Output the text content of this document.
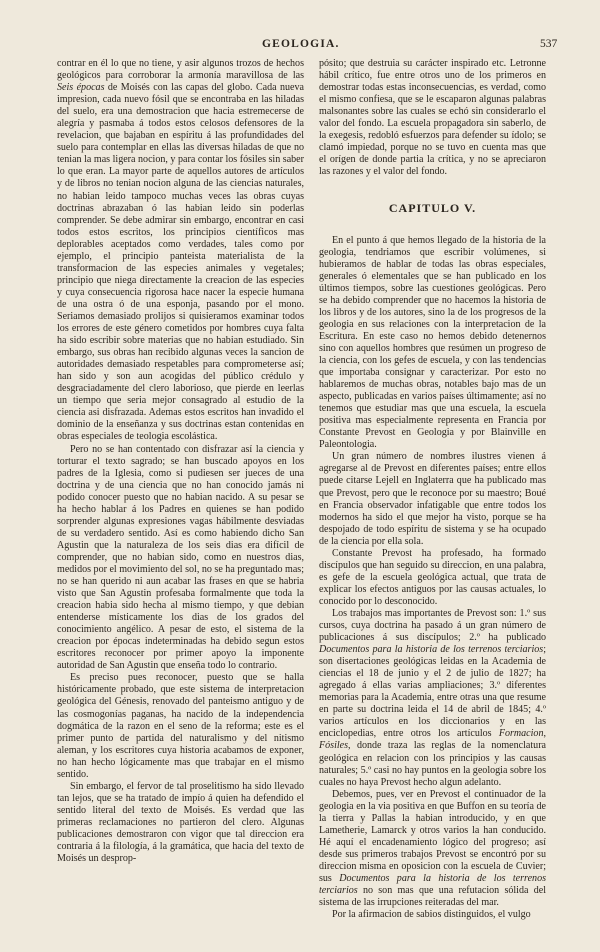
GEOLOGIA.	537

contrar en él lo que no tiene, y asir algunos trozos de hechos geológicos para corroborar la armonía maravillosa de las Seis épocas de Moisés con las capas del globo. Cada nueva impresion, cada nuevo fósil que se encontraba en las hiladas del suelo, era una demostracion que hacia estremecerse de alegría y pasmaba á todos estos celosos defensores de la revelacion, que bajaban en espíritu á las profundidades del suelo para contemplar en ellas las diversas hiladas de que no tenian la mas ligera nocion, y para contar los fósiles sin saber lo que eran. La mayor parte de aquellos autores de artículos y de libros no tenian nocion alguna de las ciencias naturales, no habian leido tampoco muchas veces las obras cuyas doctrinas abrazaban ó las habian leido sin poderlas comprender. Se debe admirar sin embargo, encontrar en casi todos estos escritos, los principios científicos mas deplorables aceptados como verdades, tales como por ejemplo, el principio panteista materialista de la transformacion de las especies animales y vegetales; principio que niega directamente la creacion de las especies y cuya consecuencia rigorosa hace nacer la especie humana de una ostra ó de una esponja, pasando por el mono. Seriamos demasiado prolijos si quisieramos examinar todos los errores de este género cometidos por hombres cuya falta ha sido escribir sobre materias que no habian estudiado. Sin embargo, sus obras han recibido algunas veces la sancion de autoridades demasiado respetables para comprometerse así; han sido y son aun acogidas del público crédulo y desgraciadamente del clero laborioso, que pierde en leerlas un tiempo que seria mejor consagrado al estudio de la ciencia asi disfrazada. Ademas estos escritos han invadido el dominio de la enseñanza y sus doctrinas estan contenidas en obras especiales de teologia escolástica.

Pero no se han contentado con disfrazar así la ciencia y torturar el texto sagrado; se han buscado apoyos en los padres de la Iglesia, como si pudiesen ser jueces de una doctrina y de una ciencia que no han conocido jamás ni podido conocer puesto que no habian nacido. A su pesar se ha hecho hablar á los Padres en quienes se han podido sorprender algunas expresiones vagas hábilmente desviadas de su verdadero sentido. Así es como habiendo dicho San Agustin que la naturaleza de los seis dias era difícil de comprender, que no habian sido, como en nuestros dias, medidos por el movimiento del sol, no se ha preguntado mas; no se han querido ni aun acabar las frases en que se habria visto que San Agustin profesaba formalmente que toda la creacion habia sido hecha al mismo tiempo, y que debian entenderse místicamente los dias de los grados del conocimiento angélico. A pesar de esto, el sistema de la creacion por épocas indeterminadas ha debido segun estos escritores reconocer por primer apoyo la imponente autoridad de San Agustin que enseña todo lo contrario.

Es preciso pues reconocer, puesto que se halla históricamente probado, que este sistema de interpretacion geológica del Génesis, renovado del panteismo antiguo y de las cosmogonías paganas, ha nacido de la independencia dogmática de la razon en el seno de la reforma; este es el primer punto de partida del naturalismo y del nitismo aleman, y los escritores cuya historia acabamos de exponer, no han hecho lógicamente mas que trabajar en el mismo sentido.

Sin embargo, el fervor de tal proselitismo ha sido llevado tan lejos, que se ha tratado de impío á quien ha defendido el sentido literal del texto de Moisés. Es verdad que las primeras reclamaciones no partieron del clero. Algunas publicaciones demostraron con vigor que tal direccion era contraria á la filología, á la gramática, que hacia del texto de Moisés un desprop-

pósito; que destruia su carácter inspirado etc. Letronne hábil crítico, fue entre otros uno de los primeros en demostrar todas estas inconsecuencias, es verdad, como el mismo confiesa, que se le escaparon algunas palabras malsonantes sobre las cuales se echó sin considerarlo el valor del fondo. La escuela propagadora sin saberlo, de la exegesis, redobló esfuerzos para defender su ídolo; se clamó impiedad, porque no se tuvo en cuenta mas que el orígen de donde partia la crítica, y no se apreciaron las razones y el valor del fondo.

CAPITULO V.

En el punto á que hemos llegado de la historia de la geologia, tendriamos que escribir volúmenes, si hubieramos de hablar de todas las obras especiales, generales ó elementales que se han publicado en los últimos tiempos, sobre las cuestiones geológicas. Pero se ha debido comprender que no hacemos la historia de los libros y de los autores, sino la de los progresos de la geologia en sus relaciones con la interpretacion de la Escritura. En este caso no hemos debido detenernos sino con aquellos hombres que resúmen un progreso de la ciencia, con los gefes de escuela, y con las tendencias que importaba consignar y caracterizar. Por esto no hablaremos de muchas obras, notables bajo mas de un aspecto, publicadas en varios países últimamente; así no tenemos que estudiar mas que una escuela, la escuela positiva mas especialmente representa en Francia por Constante Prevost en Geologia y por Blainville en Paleontologia.

Un gran número de nombres ilustres vienen á agregarse al de Prevost en diferentes países; entre ellos puede citarse Lejell en Inglaterra que ha publicado mas que Prevost, pero que le reconoce por su maestro; Boué en Francia observador infatigable que entre todos los modernos ha sido el que mejor ha visto, porque se ha despojado de todo espíritu de sistema y se ha ocupado de la ciencia por ella sola.

Constante Prevost ha profesado, ha formado discípulos que han seguido su direccion, en una palabra, es gefe de la escuela geológica actual, que trata de explicar los efectos antiguos por las causas actuales, lo conocido por lo desconocido.

Los trabajos mas importantes de Prevost son: 1.º sus cursos, cuya doctrina ha pasado á un gran número de publicaciones á sus discípulos; 2.º ha publicado Documentos para la historia de los terrenos terciarios; son disertaciones geológicas leidas en la Academia de ciencias el 18 de junio y el 2 de julio de 1827; ha agregado á ellas varias ampliaciones; 3.º diferentes memorias para la Academia, entre otras una que resume en parte su doctrina leida el 14 de abril de 1845; 4.º varios artículos en los diccionarios y en las enciclopedias, entre otros los artículos Formacion, Fósiles, donde traza las reglas de la nomenclatura geológica en relacion con los principios y las causas naturales; 5.º casi no hay puntos en la geologia sobre los cuales no haya Prevost hecho algun adelanto.

Debemos, pues, ver en Prevost el continuador de la geologia en la via positiva en que Buffon en su teoría de la tierra y Pallas la habian introducido, y en que Lametherie, Lamarck y otros varios la han conducido. Hé aquí el encadenamiento lógico del progreso; así desde sus primeros trabajos Prevost se encontró por su direccion misma en oposicion con la escuela de Cuvier; sus Documentos para la historia de los terrenos terciarios no son mas que una refutacion sólida del sistema de las irrupciones reiteradas del mar.

Por la afirmacion de sabios distinguidos, el vulgo
